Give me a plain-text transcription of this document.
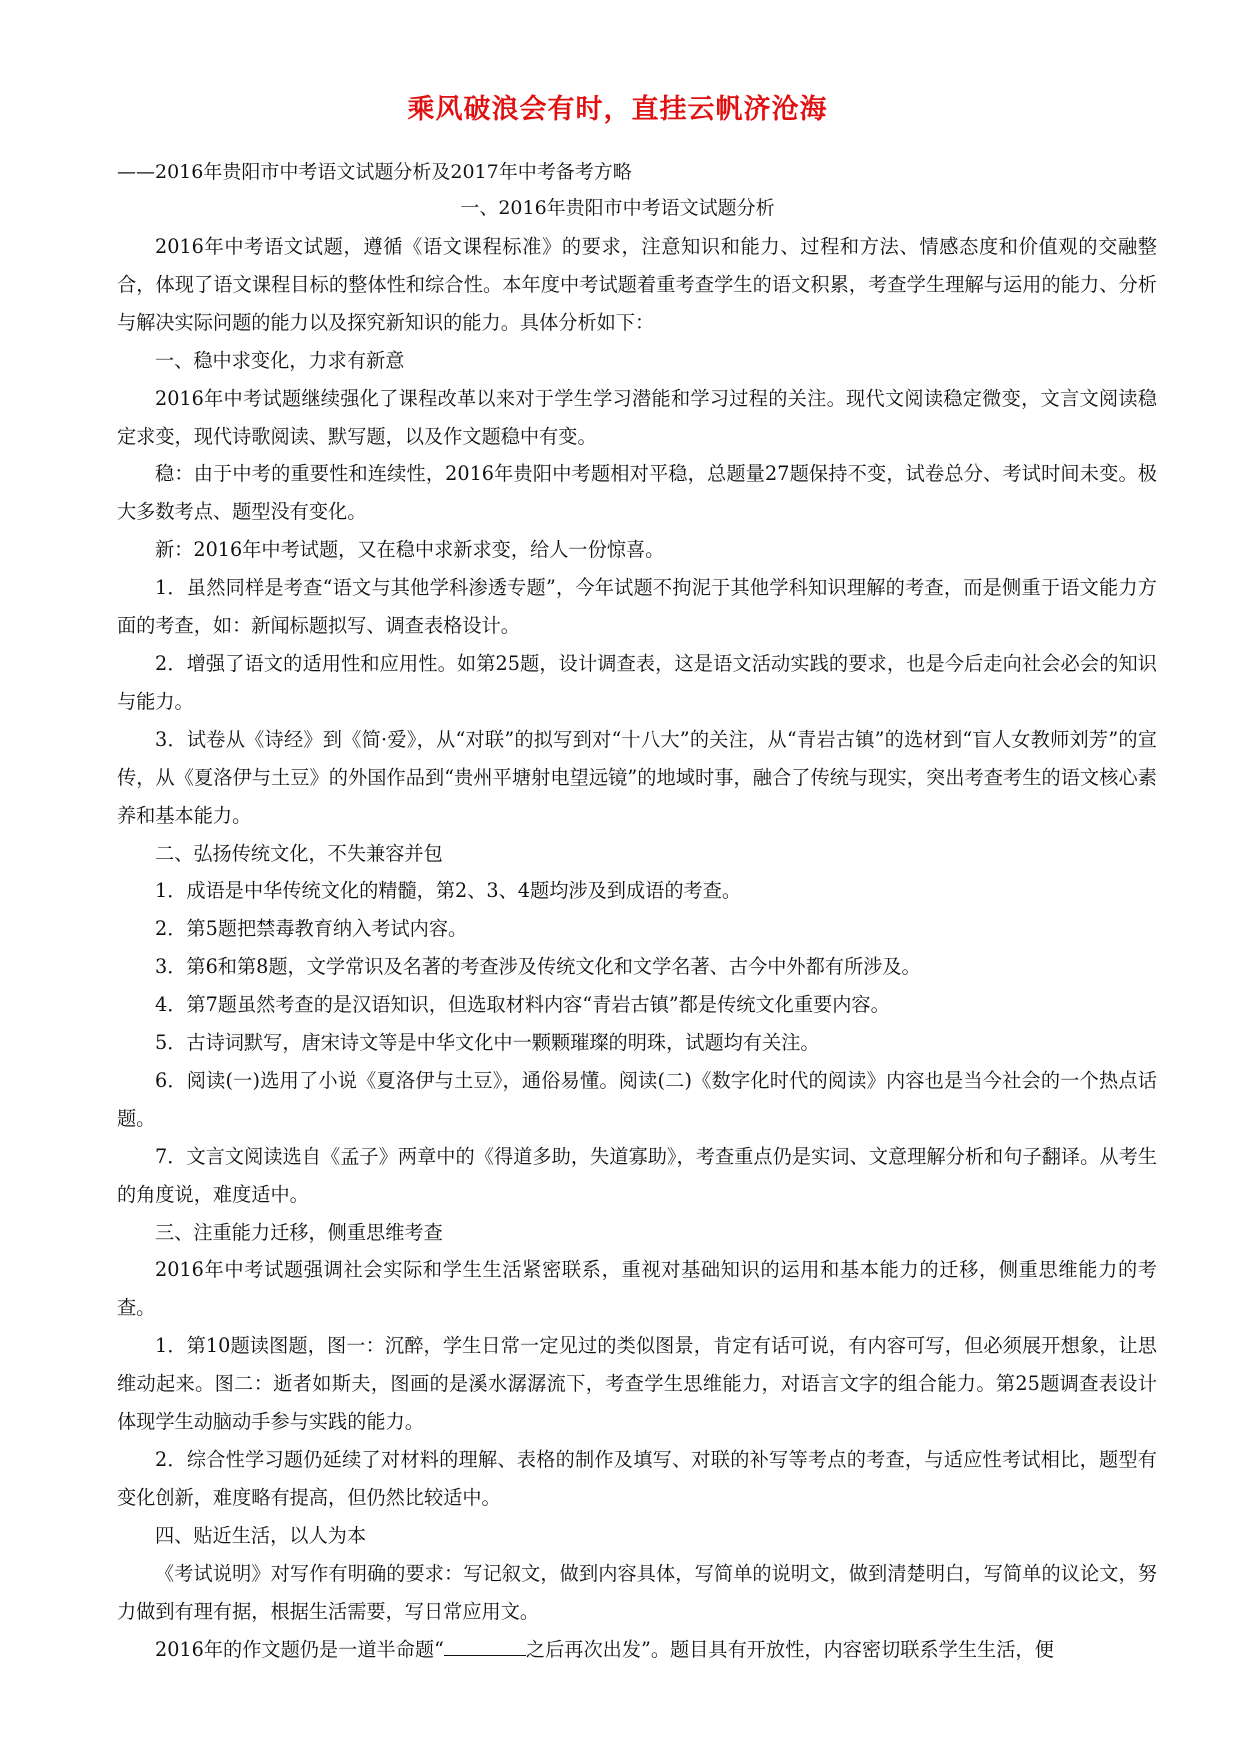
乘风破浪会有时，直挂云帆济沧海
——2016年贵阳市中考语文试题分析及2017年中考备考方略
一、2016年贵阳市中考语文试题分析

2016年中考语文试题，遵循《语文课程标准》的要求，注意知识和能力、过程和方法、情感态度和价值观的交融整合，体现了语文课程目标的整体性和综合性。本年度中考试题着重考查学生的语文积累，考查学生理解与运用的能力、分析与解决实际问题的能力以及探究新知识的能力。具体分析如下：

一、稳中求变化，力求有新意

2016年中考试题继续强化了课程改革以来对于学生学习潜能和学习过程的关注。现代文阅读稳定微变，文言文阅读稳定求变，现代诗歌阅读、默写题，以及作文题稳中有变。

稳：由于中考的重要性和连续性，2016年贵阳中考题相对平稳，总题量27题保持不变，试卷总分、考试时间未变。极大多数考点、题型没有变化。

新：2016年中考试题，又在稳中求新求变，给人一份惊喜。

1．虽然同样是考查“语文与其他学科渗透专题”，今年试题不拘泥于其他学科知识理解的考查，而是侧重于语文能力方面的考查，如：新闻标题拟写、调查表格设计。

2．增强了语文的适用性和应用性。如第25题，设计调查表，这是语文活动实践的要求，也是今后走向社会必会的知识与能力。

3．试卷从《诗经》到《简·爱》，从“对联”的拟写到对“十八大”的关注，从“青岩古镇”的选材到“盲人女教师刘芳”的宣传，从《夏洛伊与土豆》的外国作品到“贵州平塘射电望远镜”的地域时事，融合了传统与现实，突出考查考生的语文核心素养和基本能力。

二、弘扬传统文化，不失兼容并包

1．成语是中华传统文化的精髓，第2、3、4题均涉及到成语的考查。

2．第5题把禁毒教育纳入考试内容。

3．第6和第8题，文学常识及名著的考查涉及传统文化和文学名著、古今中外都有所涉及。

4．第7题虽然考查的是汉语知识，但选取材料内容“青岩古镇”都是传统文化重要内容。

5．古诗词默写，唐宋诗文等是中华文化中一颗颗璀璨的明珠，试题均有关注。

6．阅读(一)选用了小说《夏洛伊与土豆》，通俗易懂。阅读(二)《数字化时代的阅读》内容也是当今社会的一个热点话题。

7．文言文阅读选自《孟子》两章中的《得道多助，失道寡助》，考查重点仍是实词、文意理解分析和句子翻译。从考生的角度说，难度适中。

三、注重能力迁移，侧重思维考查

2016年中考试题强调社会实际和学生生活紧密联系，重视对基础知识的运用和基本能力的迁移，侧重思维能力的考查。

1．第10题读图题，图一：沉醉，学生日常一定见过的类似图景，肯定有话可说，有内容可写，但必须展开想象，让思维动起来。图二：逝者如斯夫，图画的是溪水潺潺流下，考查学生思维能力，对语言文字的组合能力。第25题调查表设计体现学生动脑动手参与实践的能力。

2．综合性学习题仍延续了对材料的理解、表格的制作及填写、对联的补写等考点的考查，与适应性考试相比，题型有变化创新，难度略有提高，但仍然比较适中。

四、贴近生活，以人为本

《考试说明》对写作有明确的要求：写记叙文，做到内容具体，写简单的说明文，做到清楚明白，写简单的议论文，努力做到有理有据，根据生活需要，写日常应用文。

2016年的作文题仍是一道半命题“	之后再次出发”。题目具有开放性，内容密切联系学生生活，便
